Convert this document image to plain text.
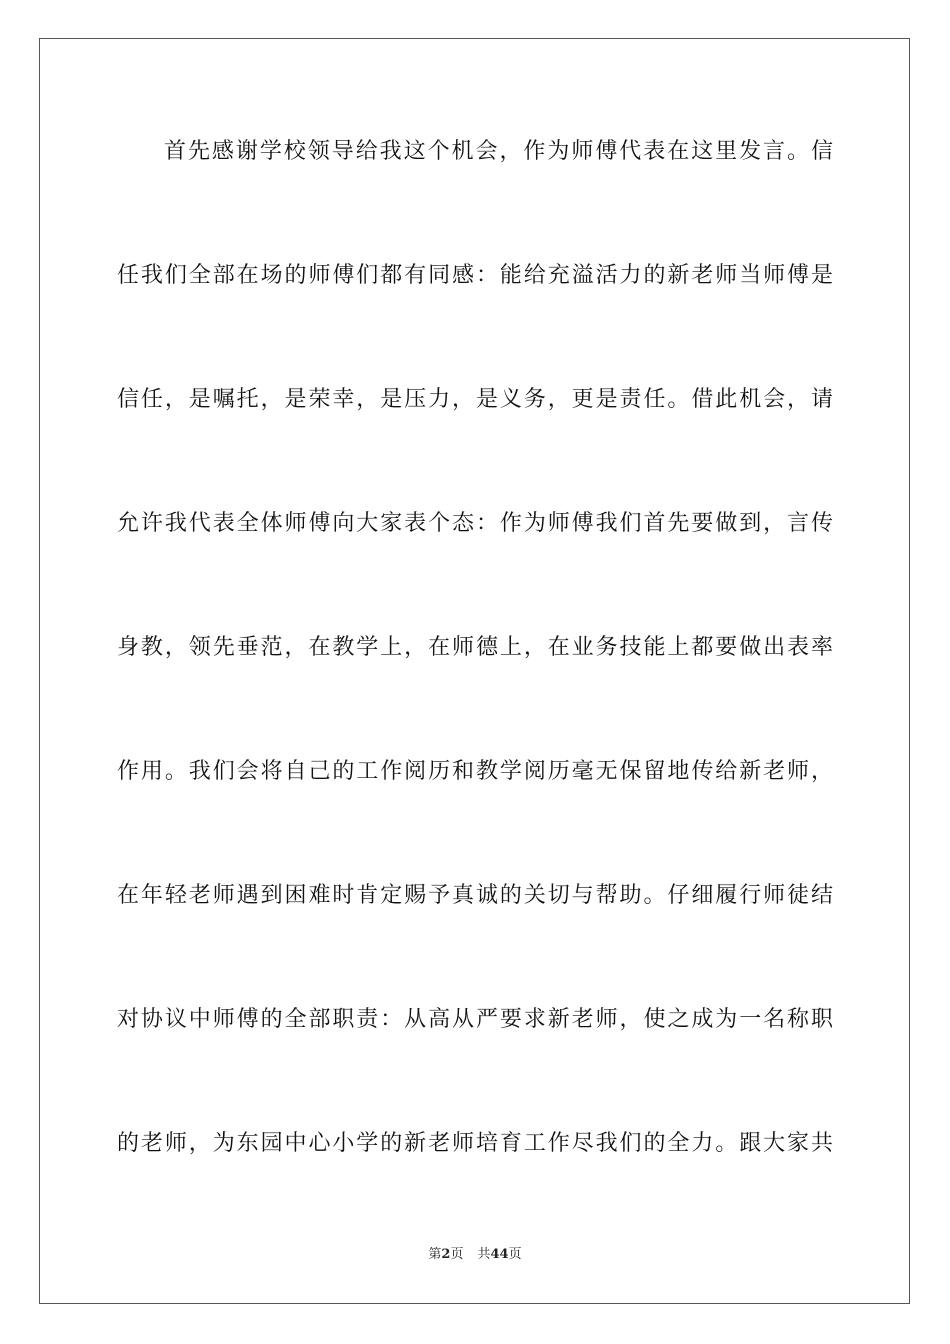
首先感谢学校领导给我这个机会，作为师傅代表在这里发言。信
任我们全部在场的师傅们都有同感：能给充溢活力的新老师当师傅是
信任，是嘱托，是荣幸，是压力，是义务，更是责任。借此机会，请
允许我代表全体师傅向大家表个态：作为师傅我们首先要做到，言传
身教，领先垂范，在教学上，在师德上，在业务技能上都要做出表率
作用。我们会将自己的工作阅历和教学阅历毫无保留地传给新老师，
在年轻老师遇到困难时肯定赐予真诚的关切与帮助。仔细履行师徒结
对协议中师傅的全部职责：从高从严要求新老师，使之成为一名称职
的老师，为东园中心小学的新老师培育工作尽我们的全力。跟大家共
第2页 共44页
